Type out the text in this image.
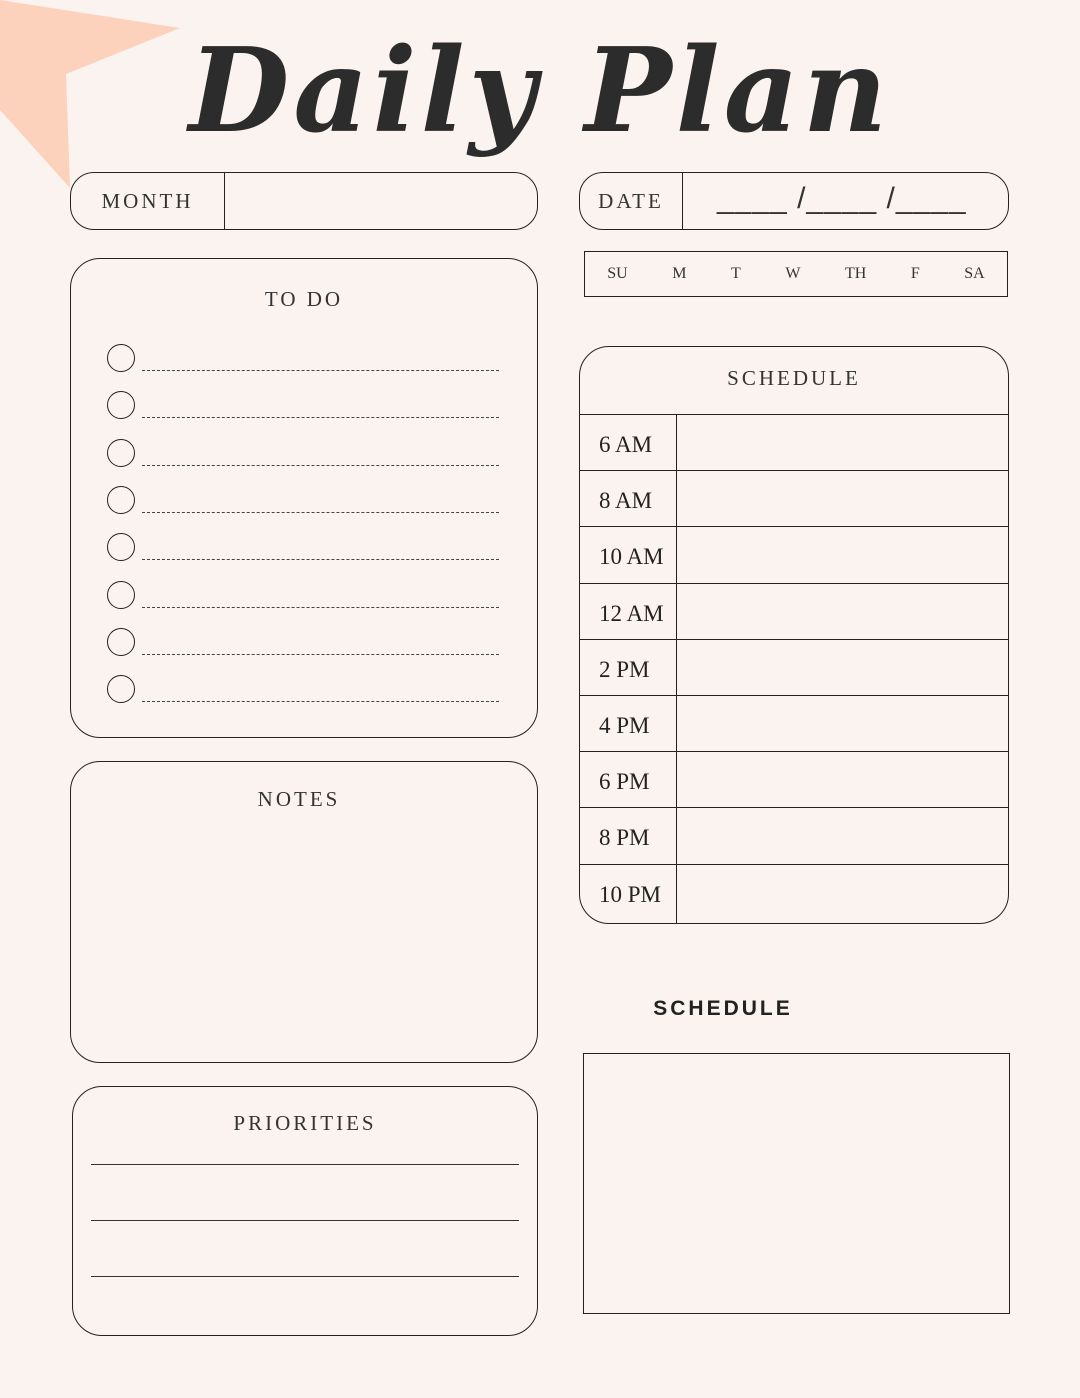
Daily Plan
MONTH	DATE	____ /____ /____
SU	M	T	W	TH	F	SA
TO DO
NOTES
PRIORITIES
SCHEDULE
6 AM
8 AM
10 AM
12 AM
2 PM
4 PM
6 PM
8 PM
10 PM
SCHEDULE
